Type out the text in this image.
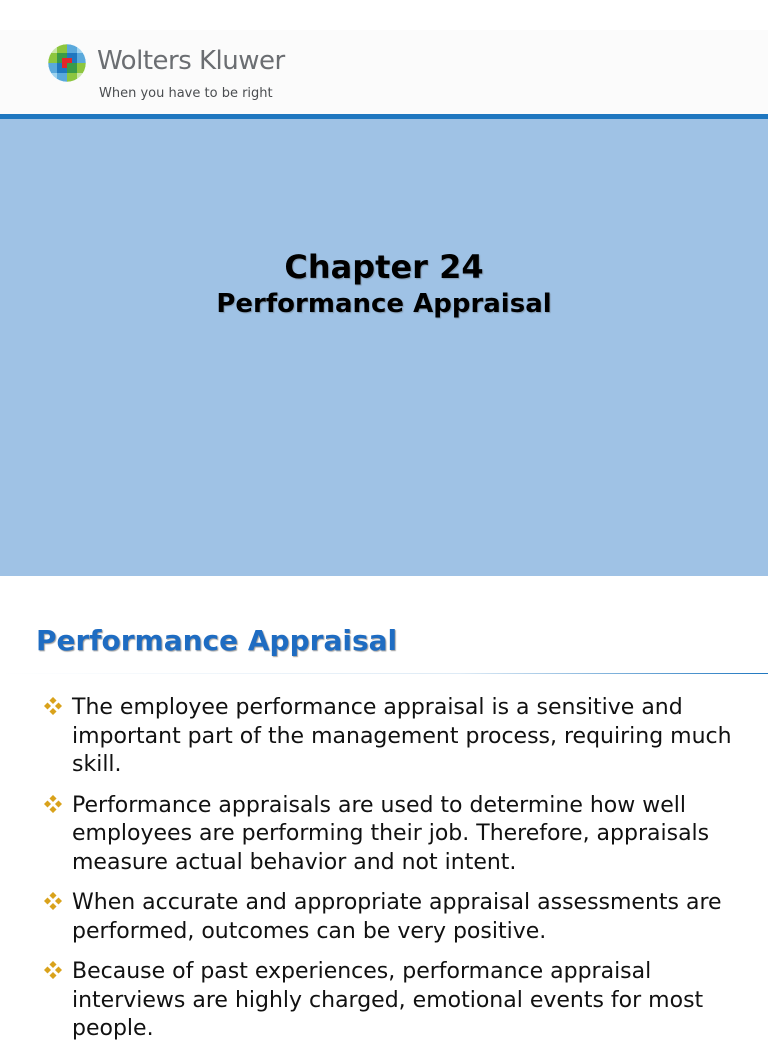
Wolters Kluwer
When you have to be right
Chapter 24
Performance Appraisal
Performance Appraisal
The employee performance appraisal is a sensitive and important part of the management process, requiring much skill.
Performance appraisals are used to determine how well employees are performing their job. Therefore, appraisals measure actual behavior and not intent.
When accurate and appropriate appraisal assessments are performed, outcomes can be very positive.
Because of past experiences, performance appraisal interviews are highly charged, emotional events for most people.
